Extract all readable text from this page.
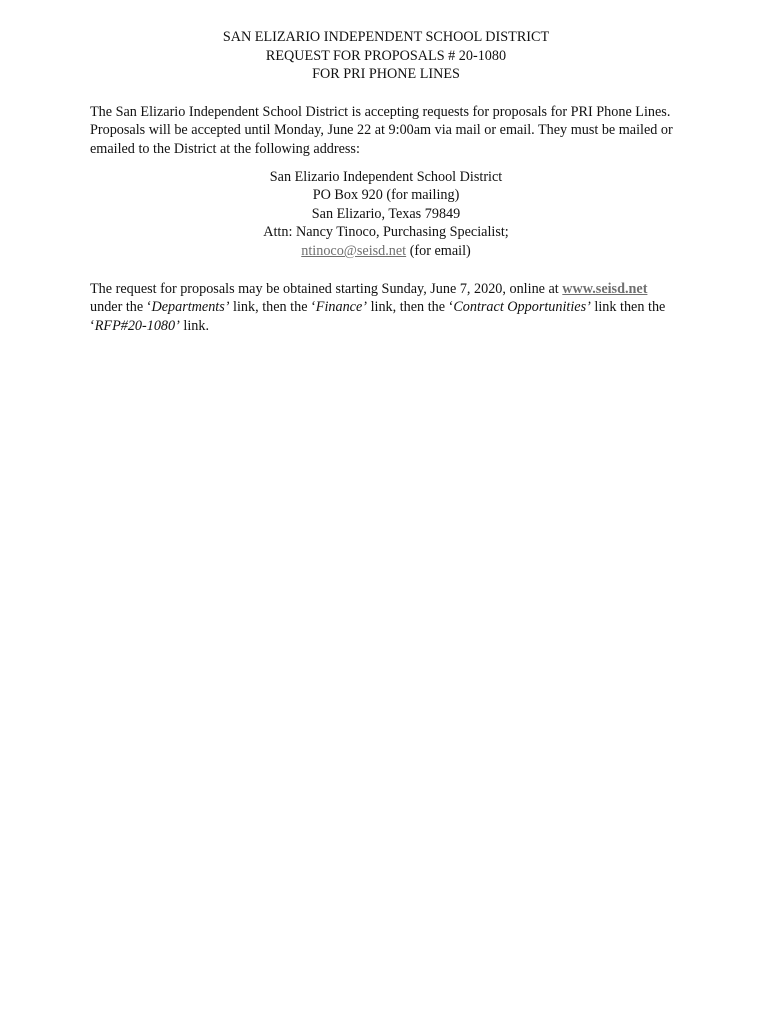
SAN ELIZARIO INDEPENDENT SCHOOL DISTRICT
REQUEST FOR PROPOSALS # 20-1080
FOR PRI PHONE LINES
The San Elizario Independent School District is accepting requests for proposals for PRI Phone Lines. Proposals will be accepted until Monday, June 22 at 9:00am via mail or email. They must be mailed or emailed to the District at the following address:
San Elizario Independent School District
PO Box 920 (for mailing)
San Elizario, Texas 79849
Attn: Nancy Tinoco, Purchasing Specialist;
ntinoco@seisd.net (for email)
The request for proposals may be obtained starting Sunday, June 7, 2020, online at www.seisd.net under the ‘Departments’ link, then the ‘Finance’ link, then the ‘Contract Opportunities’ link then the ‘RFP#20-1080’ link.
